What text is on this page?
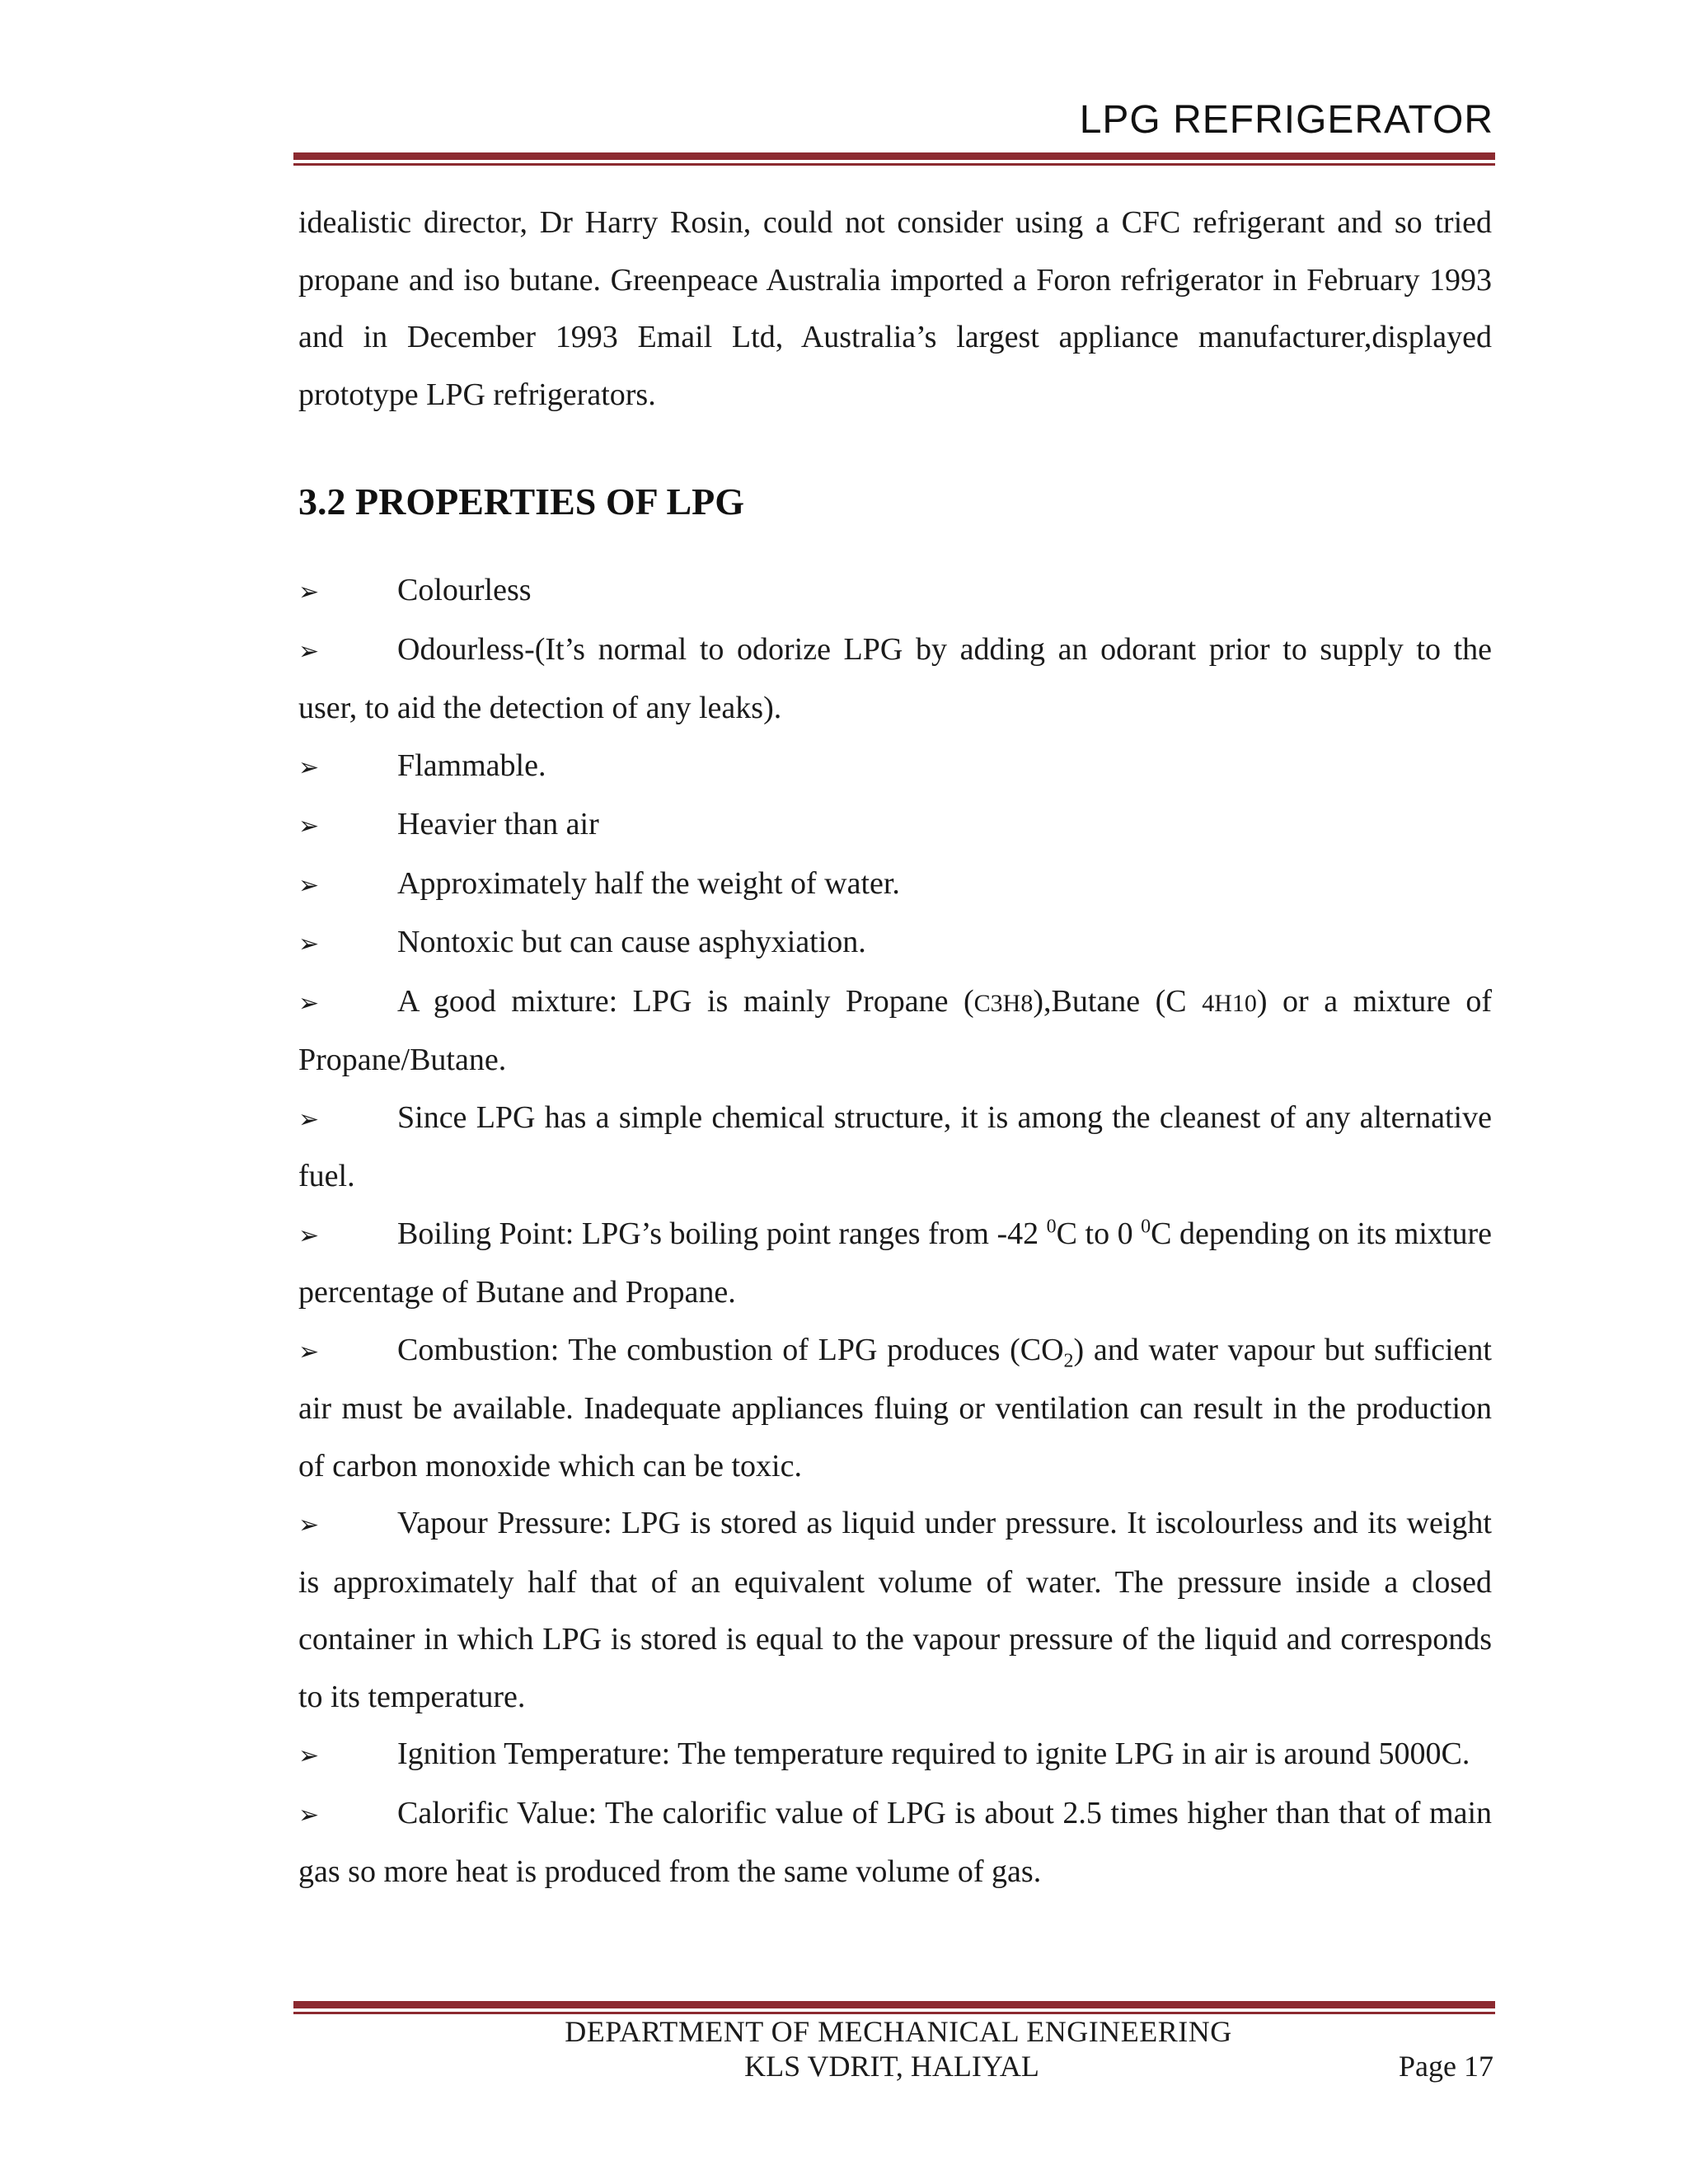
LPG REFRIGERATOR

idealistic director, Dr Harry Rosin, could not consider using a CFC refrigerant and so tried propane and iso butane. Greenpeace Australia imported a Foron refrigerator in February 1993 and in December 1993 Email Ltd, Australia’s largest appliance manufacturer,displayed prototype LPG refrigerators.

3.2 PROPERTIES OF LPG
➢ Colourless
➢ Odourless-(It’s normal to odorize LPG by adding an odorant prior to supply to the user, to aid the detection of any leaks).
➢ Flammable.
➢ Heavier than air
➢ Approximately half the weight of water.
➢ Nontoxic but can cause asphyxiation.
➢ A good mixture: LPG is mainly Propane (C3H8),Butane (C 4H10) or a mixture of Propane/Butane.
➢ Since LPG has a simple chemical structure, it is among the cleanest of any alternative fuel.
➢ Boiling Point: LPG’s boiling point ranges from -42 $^0$C to 0 $^0$C depending on its mixture percentage of Butane and Propane.
➢ Combustion: The combustion of LPG produces $(CO_2)$ and water vapour but sufficient air must be available. Inadequate appliances fluing or ventilation can result in the production of carbon monoxide which can be toxic.
➢ Vapour Pressure: LPG is stored as liquid under pressure. It iscolourless and its weight is approximately half that of an equivalent volume of water. The pressure inside a closed container in which LPG is stored is equal to the vapour pressure of the liquid and corresponds to its temperature.
➢ Ignition Temperature: The temperature required to ignite LPG in air is around 5000C.
➢ Calorific Value: The calorific value of LPG is about 2.5 times higher than that of main gas so more heat is produced from the same volume of gas.
DEPARTMENT OF MECHANICAL ENGINEERING
KLS VDRIT, HALIYAL	Page 17
